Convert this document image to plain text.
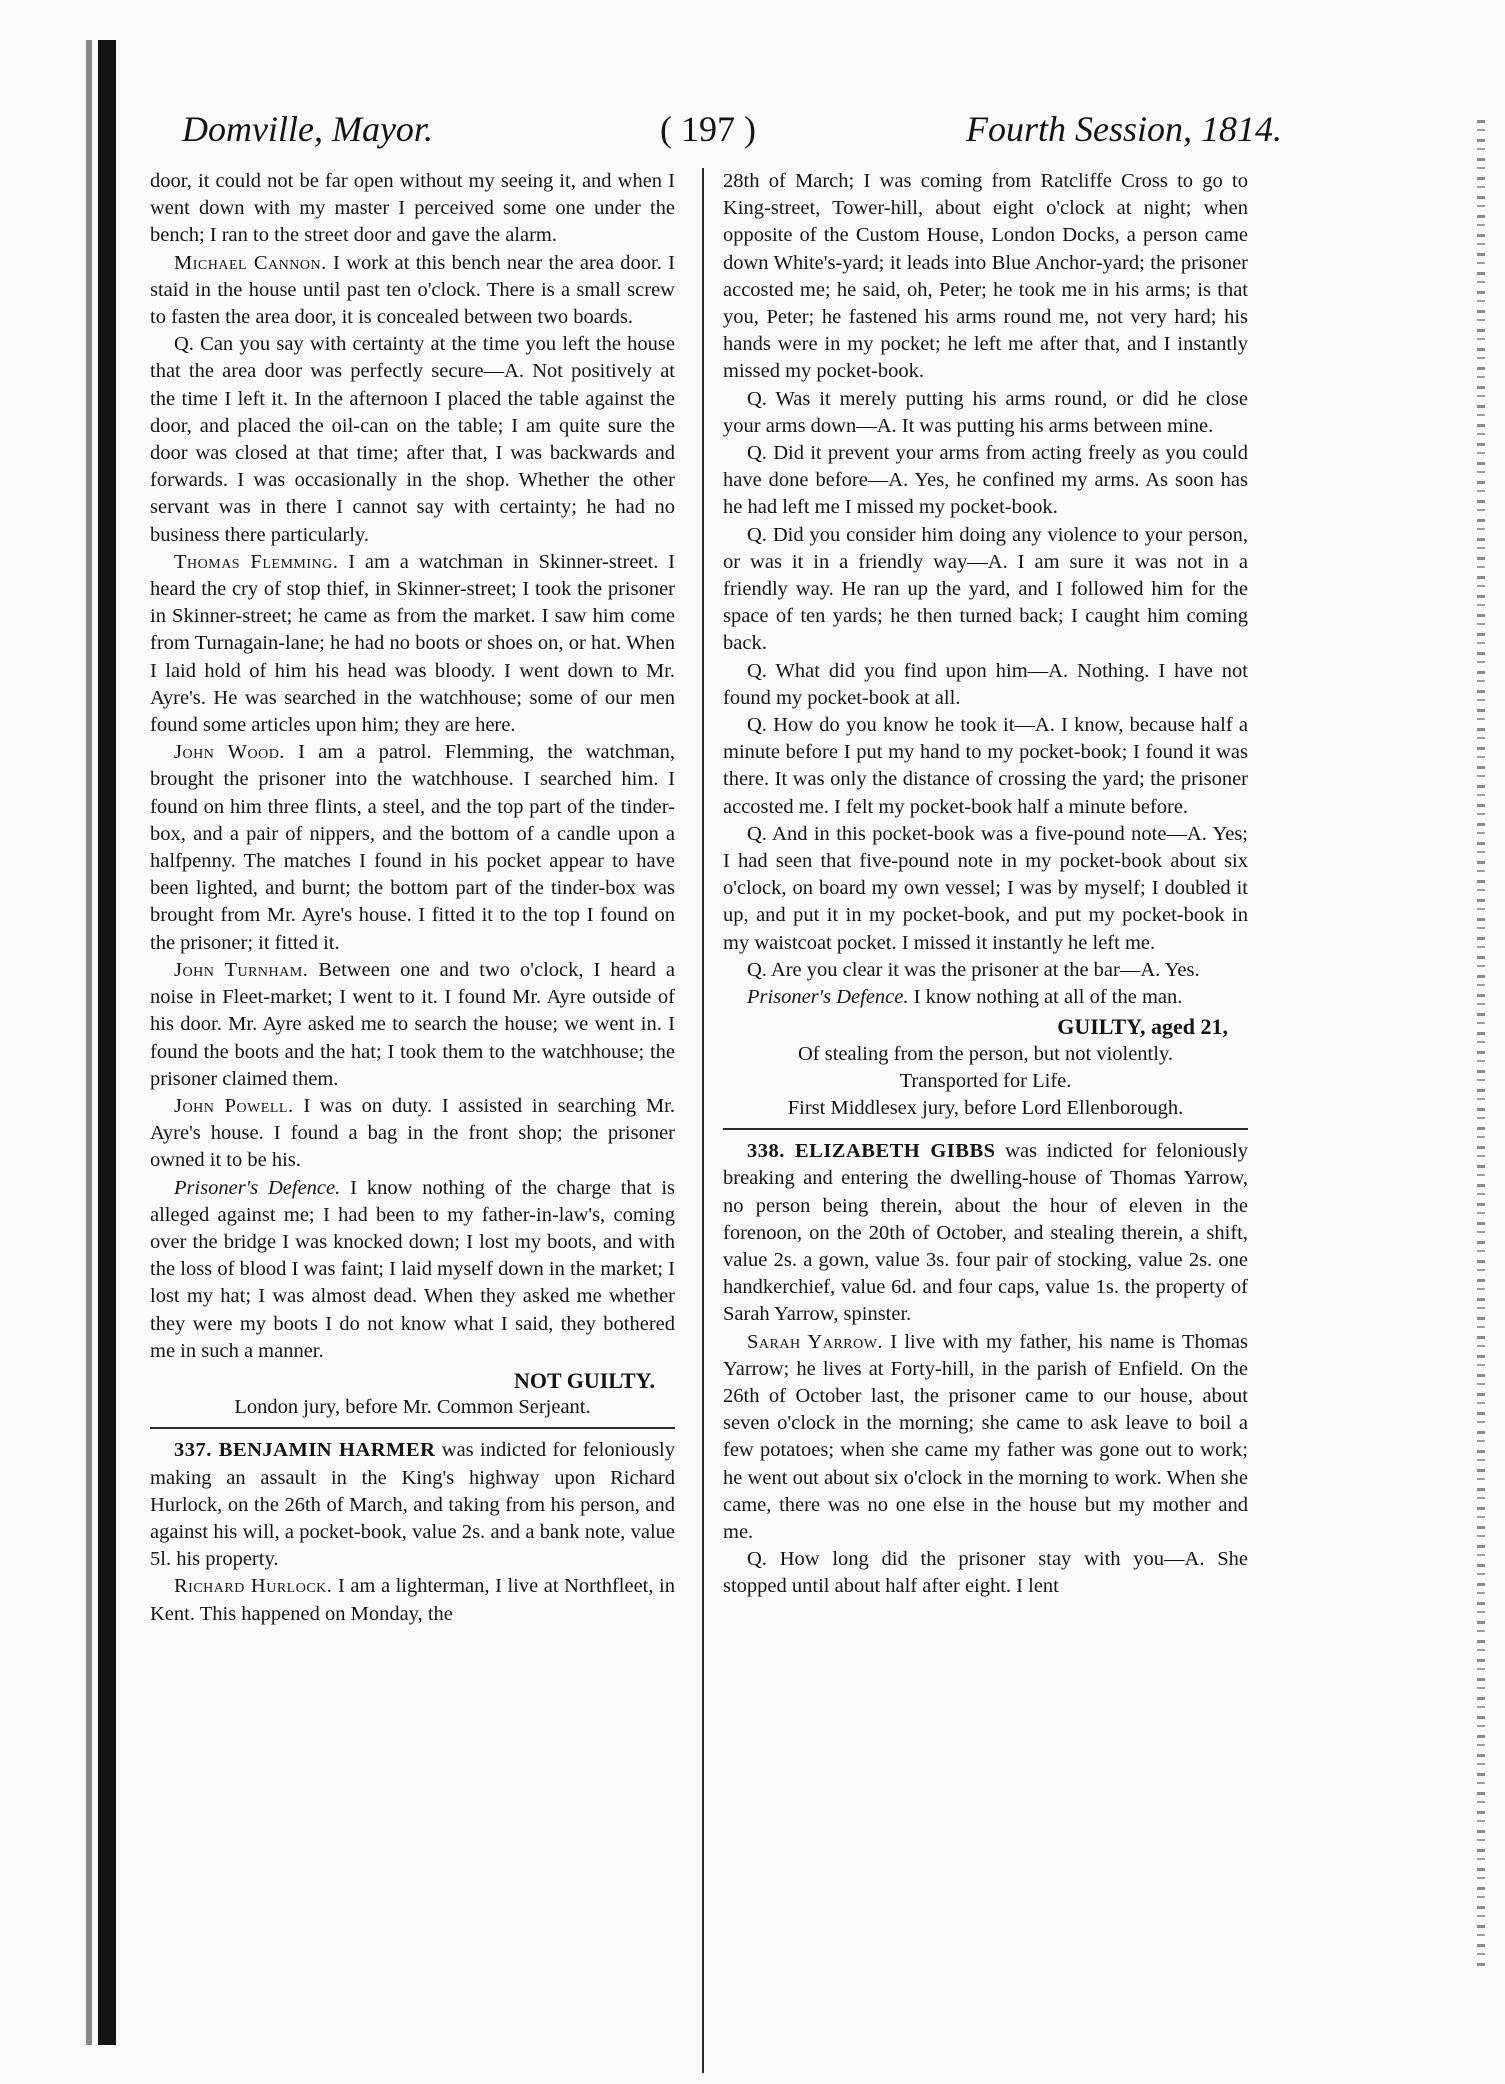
Domville, Mayor.	( 197 )	Fourth Session, 1814.

door, it could not be far open without my seeing it, and when I went down with my master I perceived some one under the bench; I ran to the street door and gave the alarm.

Michael Cannon. I work at this bench near the area door. I staid in the house until past ten o'clock. There is a small screw to fasten the area door, it is concealed between two boards.

Q. Can you say with certainty at the time you left the house that the area door was perfectly secure—A. Not positively at the time I left it. In the afternoon I placed the table against the door, and placed the oil-can on the table; I am quite sure the door was closed at that time; after that, I was backwards and forwards. I was occasionally in the shop. Whether the other servant was in there I cannot say with certainty; he had no business there particularly.

Thomas Flemming. I am a watchman in Skinner-street. I heard the cry of stop thief, in Skinner-street; I took the prisoner in Skinner-street; he came as from the market. I saw him come from Turnagain-lane; he had no boots or shoes on, or hat. When I laid hold of him his head was bloody. I went down to Mr. Ayre's. He was searched in the watchhouse; some of our men found some articles upon him; they are here.

John Wood. I am a patrol. Flemming, the watchman, brought the prisoner into the watchhouse. I searched him. I found on him three flints, a steel, and the top part of the tinder-box, and a pair of nippers, and the bottom of a candle upon a halfpenny. The matches I found in his pocket appear to have been lighted, and burnt; the bottom part of the tinder-box was brought from Mr. Ayre's house. I fitted it to the top I found on the prisoner; it fitted it.

John Turnham. Between one and two o'clock, I heard a noise in Fleet-market; I went to it. I found Mr. Ayre outside of his door. Mr. Ayre asked me to search the house; we went in. I found the boots and the hat; I took them to the watchhouse; the prisoner claimed them.

John Powell. I was on duty. I assisted in searching Mr. Ayre's house. I found a bag in the front shop; the prisoner owned it to be his.

Prisoner's Defence. I know nothing of the charge that is alleged against me; I had been to my father-in-law's, coming over the bridge I was knocked down; I lost my boots, and with the loss of blood I was faint; I laid myself down in the market; I lost my hat; I was almost dead. When they asked me whether they were my boots I do not know what I said, they bothered me in such a manner.

NOT GUILTY.

London jury, before Mr. Common Serjeant.

337. BENJAMIN HARMER was indicted for feloniously making an assault in the King's highway upon Richard Hurlock, on the 26th of March, and taking from his person, and against his will, a pocket-book, value 2s. and a bank note, value 5l. his property.

Richard Hurlock. I am a lighterman, I live at Northfleet, in Kent. This happened on Monday, the

28th of March; I was coming from Ratcliffe Cross to go to King-street, Tower-hill, about eight o'clock at night; when opposite of the Custom House, London Docks, a person came down White's-yard; it leads into Blue Anchor-yard; the prisoner accosted me; he said, oh, Peter; he took me in his arms; is that you, Peter; he fastened his arms round me, not very hard; his hands were in my pocket; he left me after that, and I instantly missed my pocket-book.

Q. Was it merely putting his arms round, or did he close your arms down—A. It was putting his arms between mine.

Q. Did it prevent your arms from acting freely as you could have done before—A. Yes, he confined my arms. As soon has he had left me I missed my pocket-book.

Q. Did you consider him doing any violence to your person, or was it in a friendly way—A. I am sure it was not in a friendly way. He ran up the yard, and I followed him for the space of ten yards; he then turned back; I caught him coming back.

Q. What did you find upon him—A. Nothing. I have not found my pocket-book at all.

Q. How do you know he took it—A. I know, because half a minute before I put my hand to my pocket-book; I found it was there. It was only the distance of crossing the yard; the prisoner accosted me. I felt my pocket-book half a minute before.

Q. And in this pocket-book was a five-pound note—A. Yes; I had seen that five-pound note in my pocket-book about six o'clock, on board my own vessel; I was by myself; I doubled it up, and put it in my pocket-book, and put my pocket-book in my waistcoat pocket. I missed it instantly he left me.

Q. Are you clear it was the prisoner at the bar—A. Yes.

Prisoner's Defence. I know nothing at all of the man.

GUILTY, aged 21,

Of stealing from the person, but not violently.

Transported for Life.

First Middlesex jury, before Lord Ellenborough.

338. ELIZABETH GIBBS was indicted for feloniously breaking and entering the dwelling-house of Thomas Yarrow, no person being therein, about the hour of eleven in the forenoon, on the 20th of October, and stealing therein, a shift, value 2s. a gown, value 3s. four pair of stocking, value 2s. one handkerchief, value 6d. and four caps, value 1s. the property of Sarah Yarrow, spinster.

Sarah Yarrow. I live with my father, his name is Thomas Yarrow; he lives at Forty-hill, in the parish of Enfield. On the 26th of October last, the prisoner came to our house, about seven o'clock in the morning; she came to ask leave to boil a few potatoes; when she came my father was gone out to work; he went out about six o'clock in the morning to work. When she came, there was no one else in the house but my mother and me.

Q. How long did the prisoner stay with you—A. She stopped until about half after eight. I lent
